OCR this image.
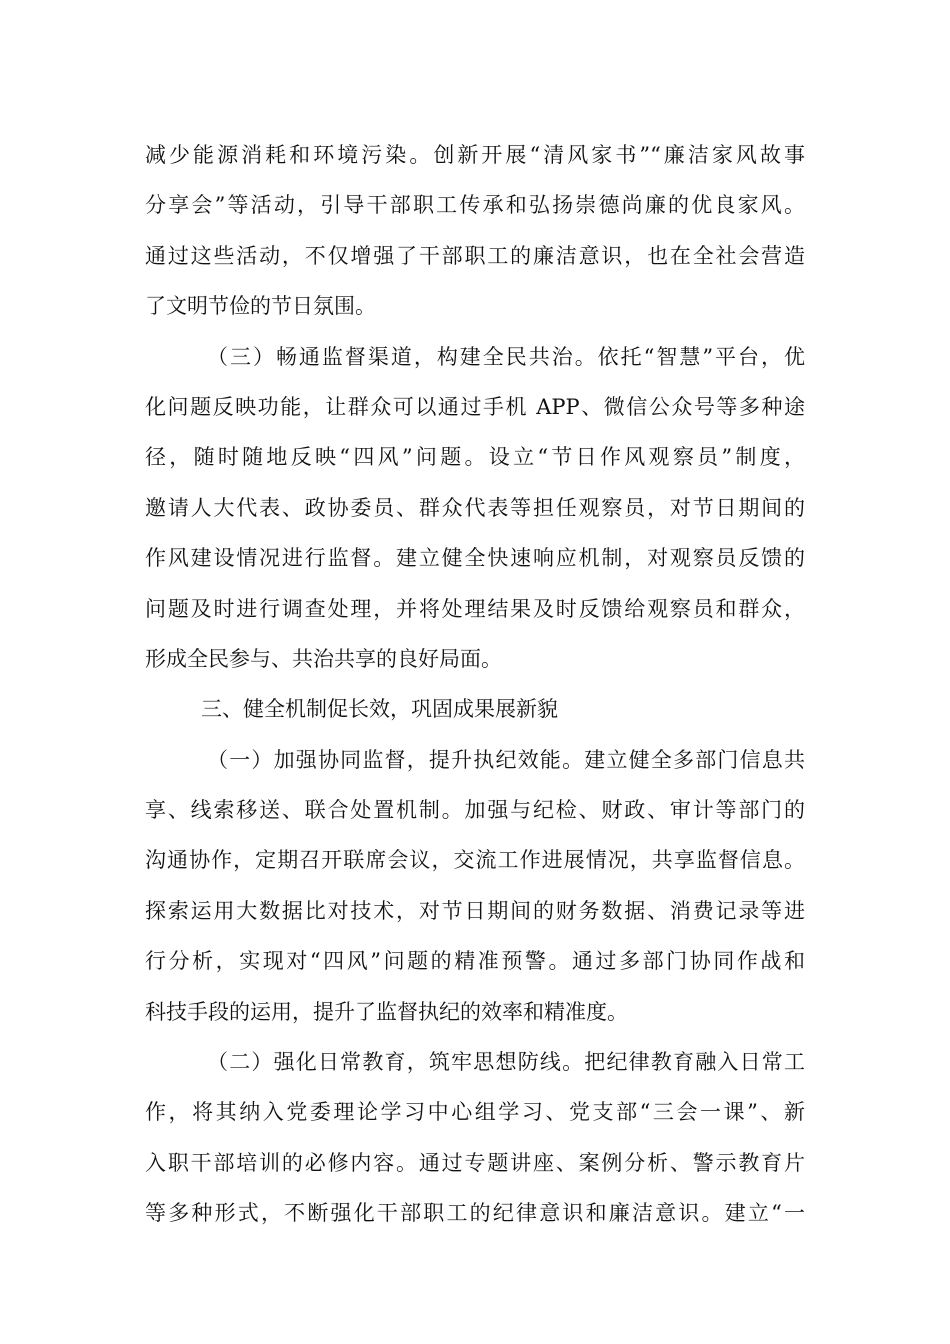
减少能源消耗和环境污染。创新开展“清风家书”“廉洁家风故事
分享会”等活动，引导干部职工传承和弘扬崇德尚廉的优良家风。
通过这些活动，不仅增强了干部职工的廉洁意识，也在全社会营造
了文明节俭的节日氛围。
（三）畅通监督渠道，构建全民共治。依托“智慧”平台，优
化问题反映功能，让群众可以通过手机 APP、微信公众号等多种途
径，随时随地反映“四风”问题。设立“节日作风观察员”制度，
邀请人大代表、政协委员、群众代表等担任观察员，对节日期间的
作风建设情况进行监督。建立健全快速响应机制，对观察员反馈的
问题及时进行调查处理，并将处理结果及时反馈给观察员和群众，
形成全民参与、共治共享的良好局面。
三、健全机制促长效，巩固成果展新貌
（一）加强协同监督，提升执纪效能。建立健全多部门信息共
享、线索移送、联合处置机制。加强与纪检、财政、审计等部门的
沟通协作，定期召开联席会议，交流工作进展情况，共享监督信息。
探索运用大数据比对技术，对节日期间的财务数据、消费记录等进
行分析，实现对“四风”问题的精准预警。通过多部门协同作战和
科技手段的运用，提升了监督执纪的效率和精准度。
（二）强化日常教育，筑牢思想防线。把纪律教育融入日常工
作，将其纳入党委理论学习中心组学习、党支部“三会一课”、新
入职干部培训的必修内容。通过专题讲座、案例分析、警示教育片
等多种形式，不断强化干部职工的纪律意识和廉洁意识。建立“一
